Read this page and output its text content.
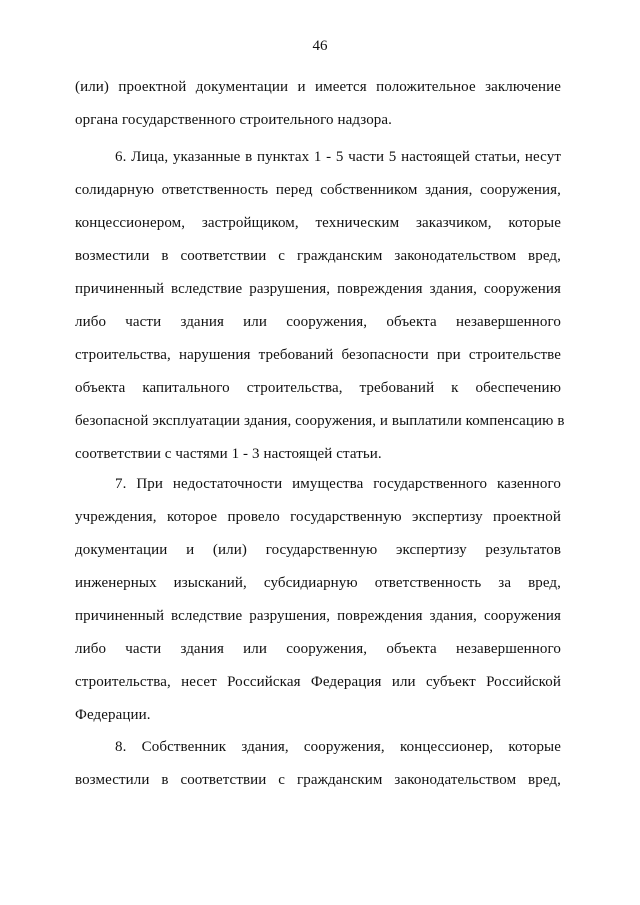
46
(или) проектной документации и имеется положительное заключение
органа государственного строительного надзора.
6. Лица, указанные в пунктах 1 - 5 части 5 настоящей статьи, несут
солидарную ответственность перед собственником здания, сооружения,
концессионером, застройщиком, техническим заказчиком, которые
возместили в соответствии с гражданским законодательством вред,
причиненный вследствие разрушения, повреждения здания, сооружения
либо части здания или сооружения, объекта незавершенного
строительства, нарушения требований безопасности при строительстве
объекта капитального строительства, требований к обеспечению
безопасной эксплуатации здания, сооружения, и выплатили компенсацию в
соответствии с частями 1 - 3 настоящей статьи.
7. При недостаточности имущества государственного казенного
учреждения, которое провело государственную экспертизу проектной
документации и (или) государственную экспертизу результатов
инженерных изысканий, субсидиарную ответственность за вред,
причиненный вследствие разрушения, повреждения здания, сооружения
либо части здания или сооружения, объекта незавершенного
строительства, несет Российская Федерация или субъект Российской
Федерации.
8. Собственник здания, сооружения, концессионер, которые
возместили в соответствии с гражданским законодательством вред,
